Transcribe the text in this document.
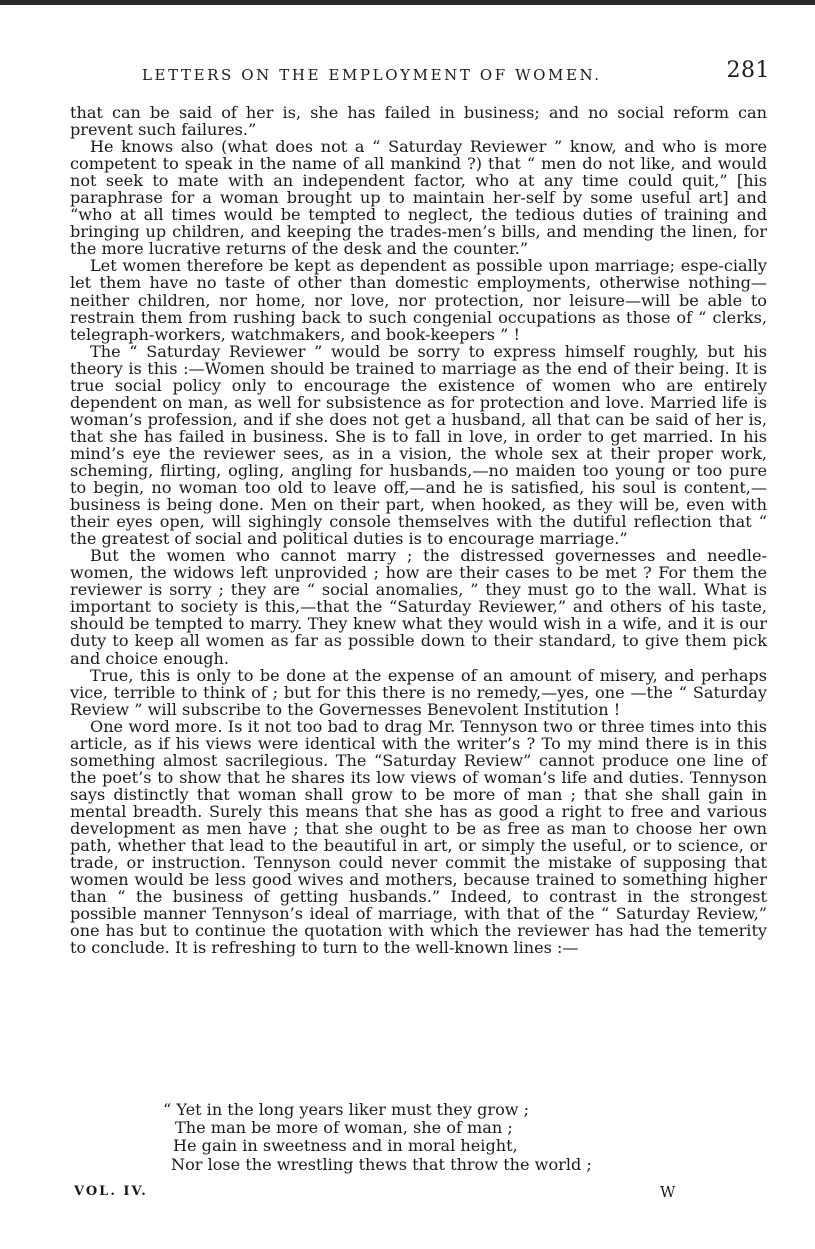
LETTERS ON THE EMPLOYMENT OF WOMEN.	281

that can be said of her is, she has failed in business; and no social reform can prevent such failures.”

He knows also (what does not a “ Saturday Reviewer ” know, and who is more competent to speak in the name of all mankind ?) that “ men do not like, and would not seek to mate with an independent factor, who at any time could quit,” [his paraphrase for a woman brought up to maintain her-self by some useful art] and “who at all times would be tempted to neglect, the tedious duties of training and bringing up children, and keeping the trades-men’s bills, and mending the linen, for the more lucrative returns of the desk and the counter.”

Let women therefore be kept as dependent as possible upon marriage; espe-cially let them have no taste of other than domestic employments, otherwise nothing—neither children, nor home, nor love, nor protection, nor leisure—will be able to restrain them from rushing back to such congenial occupations as those of “ clerks, telegraph-workers, watchmakers, and book-keepers ” !

The “ Saturday Reviewer ” would be sorry to express himself roughly, but his theory is this :—Women should be trained to marriage as the end of their being. It is true social policy only to encourage the existence of women who are entirely dependent on man, as well for subsistence as for protection and love. Married life is woman’s profession, and if she does not get a husband, all that can be said of her is, that she has failed in business. She is to fall in love, in order to get married. In his mind’s eye the reviewer sees, as in a vision, the whole sex at their proper work, scheming, flirting, ogling, angling for husbands,—no maiden too young or too pure to begin, no woman too old to leave off,—and he is satisfied, his soul is content,—business is being done. Men on their part, when hooked, as they will be, even with their eyes open, will sighingly console themselves with the dutiful reflection that “ the greatest of social and political duties is to encourage marriage.”

But the women who cannot marry ; the distressed governesses and needle-women, the widows left unprovided ; how are their cases to be met ? For them the reviewer is sorry ; they are “ social anomalies, ” they must go to the wall. What is important to society is this,—that the “Saturday Reviewer,” and others of his taste, should be tempted to marry. They knew what they would wish in a wife, and it is our duty to keep all women as far as possible down to their standard, to give them pick and choice enough.

True, this is only to be done at the expense of an amount of misery, and perhaps vice, terrible to think of ; but for this there is no remedy,—yes, one —the “ Saturday Review ” will subscribe to the Governesses Benevolent Institution !

One word more. Is it not too bad to drag Mr. Tennyson two or three times into this article, as if his views were identical with the writer’s ? To my mind there is in this something almost sacrilegious. The “Saturday Review” cannot produce one line of the poet’s to show that he shares its low views of woman’s life and duties. Tennyson says distinctly that woman shall grow to be more of man ; that she shall gain in mental breadth. Surely this means that she has as good a right to free and various development as men have ; that she ought to be as free as man to choose her own path, whether that lead to the beautiful in art, or simply the useful, or to science, or trade, or instruction. Tennyson could never commit the mistake of supposing that women would be less good wives and mothers, because trained to something higher than “ the business of getting husbands.” Indeed, to contrast in the strongest possible manner Tennyson’s ideal of marriage, with that of the “ Saturday Review,” one has but to continue the quotation with which the reviewer has had the temerity to conclude. It is refreshing to turn to the well-known lines :—

“ Yet in the long years liker must they grow ;
The man be more of woman, she of man ;
He gain in sweetness and in moral height,
Nor lose the wrestling thews that throw the world ;
VOL. IV.	W
